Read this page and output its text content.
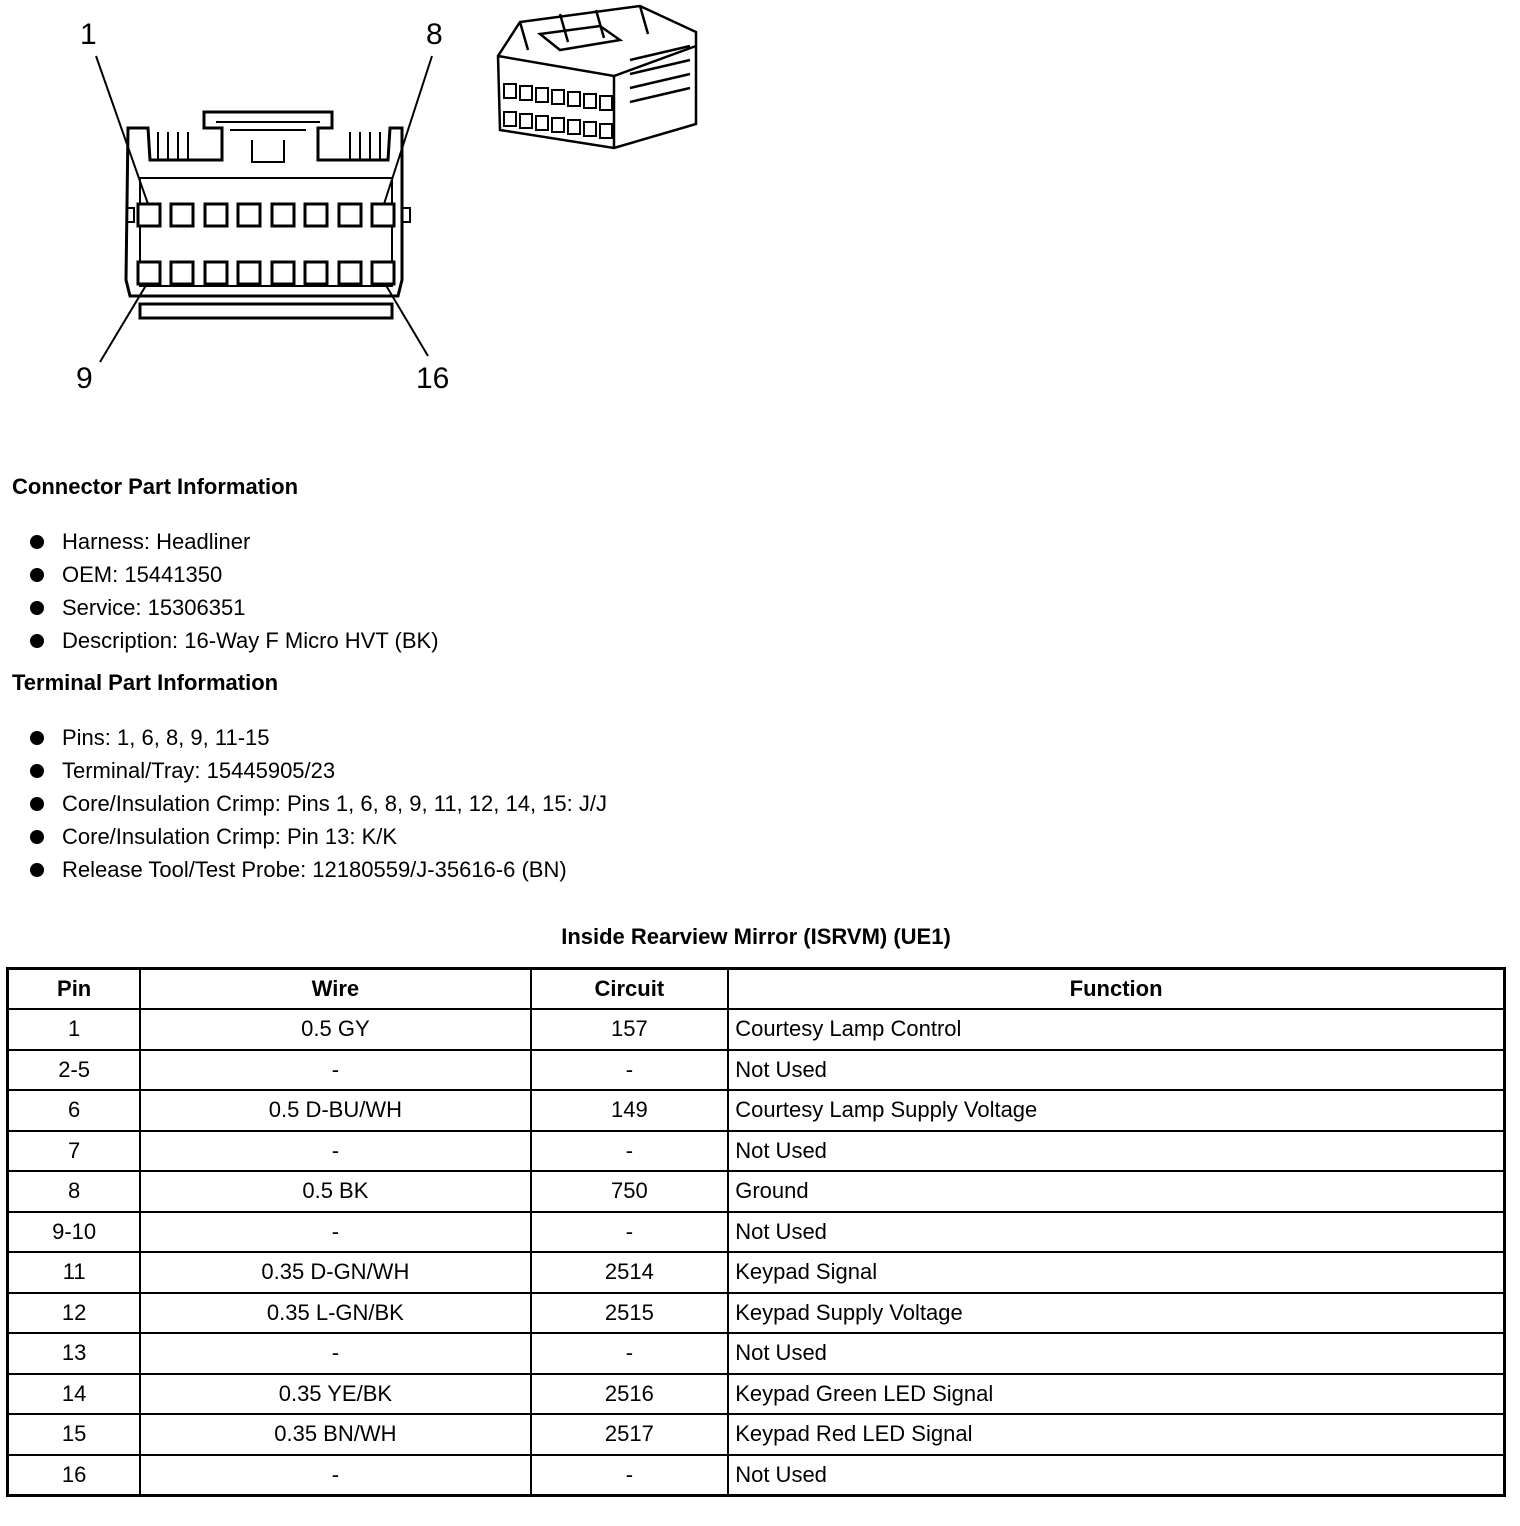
1	8
9	16
Connector Part Information
Harness: Headliner
OEM: 15441350
Service: 15306351
Description: 16-Way F Micro HVT (BK)
Terminal Part Information
Pins: 1, 6, 8, 9, 11-15
Terminal/Tray: 15445905/23
Core/Insulation Crimp: Pins 1, 6, 8, 9, 11, 12, 14, 15: J/J
Core/Insulation Crimp: Pin 13: K/K
Release Tool/Test Probe: 12180559/J-35616-6 (BN)
Inside Rearview Mirror (ISRVM) (UE1)
Pin	Wire	Circuit	Function
1	0.5 GY	157	Courtesy Lamp Control
2-5	-	-	Not Used
6	0.5 D-BU/WH	149	Courtesy Lamp Supply Voltage
7	-	-	Not Used
8	0.5 BK	750	Ground
9-10	-	-	Not Used
11	0.35 D-GN/WH	2514	Keypad Signal
12	0.35 L-GN/BK	2515	Keypad Supply Voltage
13	-	-	Not Used
14	0.35 YE/BK	2516	Keypad Green LED Signal
15	0.35 BN/WH	2517	Keypad Red LED Signal
16	-	-	Not Used
